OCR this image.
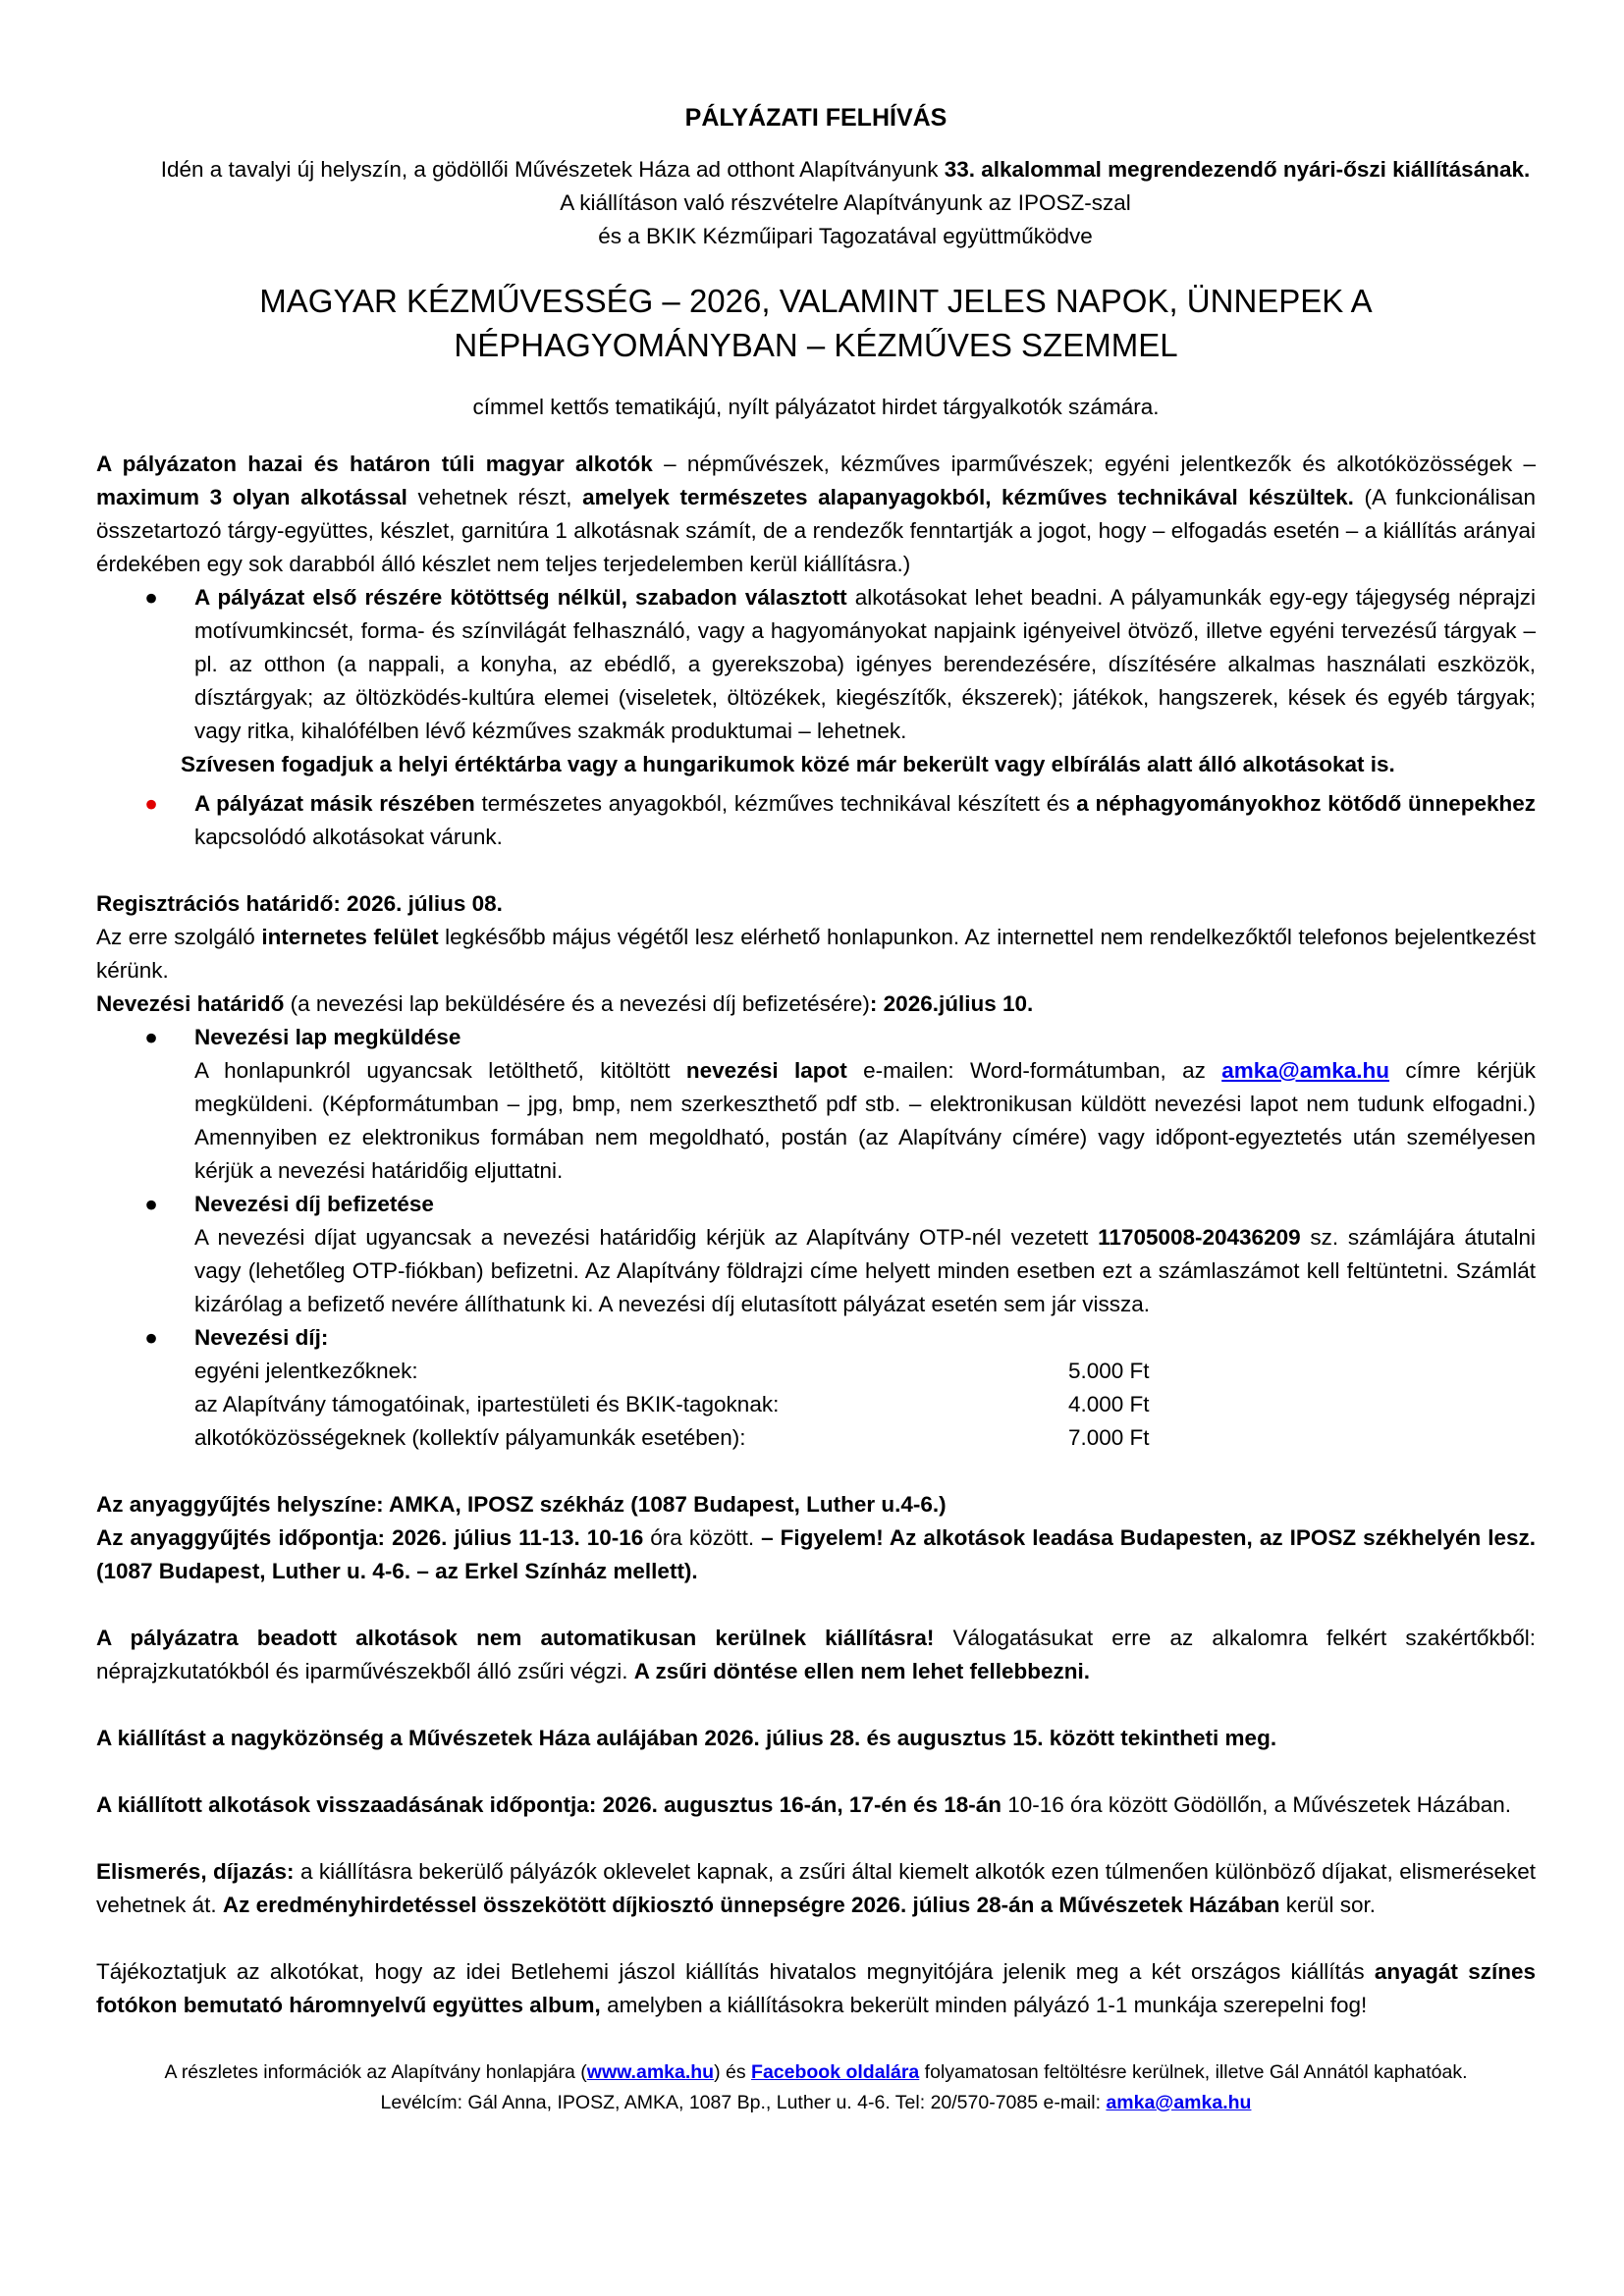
PÁLYÁZATI FELHÍVÁS

Idén a tavalyi új helyszín, a gödöllői Művészetek Háza ad otthont Alapítványunk 33. alkalommal megrendezendő nyári-őszi kiállításának.

A kiállításon való részvételre Alapítványunk az IPOSZ-szal

és a BKIK Kézműipari Tagozatával együttműködve

MAGYAR KÉZMŰVESSÉG – 2026, VALAMINT JELES NAPOK, ÜNNEPEK A

NÉPHAGYOMÁNYBAN – KÉZMŰVES SZEMMEL

címmel kettős tematikájú, nyílt pályázatot hirdet tárgyalkotók számára.

A pályázaton hazai és határon túli magyar alkotók – népművészek, kézműves iparművészek; egyéni jelentkezők és alkotóközösségek – maximum 3 olyan alkotással vehetnek részt, amelyek természetes alapanyagokból, kézműves technikával készültek. (A funkcionálisan összetartozó tárgy-együttes, készlet, garnitúra 1 alkotásnak számít, de a rendezők fenntartják a jogot, hogy – elfogadás esetén – a kiállítás arányai érdekében egy sok darabból álló készlet nem teljes terjedelemben kerül kiállításra.)

● A pályázat első részére kötöttség nélkül, szabadon választott alkotásokat lehet beadni. A pályamunkák egy-egy tájegység néprajzi motívumkincsét, forma- és színvilágát felhasználó, vagy a hagyományokat napjaink igényeivel ötvöző, illetve egyéni tervezésű tárgyak – pl. az otthon (a nappali, a konyha, az ebédlő, a gyerekszoba) igényes berendezésére, díszítésére alkalmas használati eszközök, dísztárgyak; az öltözködés-kultúra elemei (viseletek, öltözékek, kiegészítők, ékszerek); játékok, hangszerek, kések és egyéb tárgyak; vagy ritka, kihalófélben lévő kézműves szakmák produktumai – lehetnek.

Szívesen fogadjuk a helyi értéktárba vagy a hungarikumok közé már bekerült vagy elbírálás alatt álló alkotásokat is.

● A pályázat másik részében természetes anyagokból, kézműves technikával készített és a néphagyományokhoz kötődő ünnepekhez kapcsolódó alkotásokat várunk.

Regisztrációs határidő: 2026. július 08.

Az erre szolgáló internetes felület legkésőbb május végétől lesz elérhető honlapunkon. Az internettel nem rendelkezőktől telefonos bejelentkezést kérünk.

Nevezési határidő (a nevezési lap beküldésére és a nevezési díj befizetésére): 2026.július 10.

● Nevezési lap megküldése
A honlapunkról ugyancsak letölthető, kitöltött nevezési lapot e-mailen: Word-formátumban, az amka@amka.hu címre kérjük megküldeni. (Képformátumban – jpg, bmp, nem szerkeszthető pdf stb. – elektronikusan küldött nevezési lapot nem tudunk elfogadni.) Amennyiben ez elektronikus formában nem megoldható, postán (az Alapítvány címére) vagy időpont-egyeztetés után személyesen kérjük a nevezési határidőig eljuttatni.
● Nevezési díj befizetése
A nevezési díjat ugyancsak a nevezési határidőig kérjük az Alapítvány OTP-nél vezetett 11705008-20436209 sz. számlájára átutalni vagy (lehetőleg OTP-fiókban) befizetni. Az Alapítvány földrajzi címe helyett minden esetben ezt a számlaszámot kell feltüntetni. Számlát kizárólag a befizető nevére állíthatunk ki. A nevezési díj elutasított pályázat esetén sem jár vissza.
● Nevezési díj:
egyéni jelentkezőknek:	5.000 Ft
az Alapítvány támogatóinak, ipartestületi és BKIK-tagoknak:	4.000 Ft
alkotóközösségeknek (kollektív pályamunkák esetében):	7.000 Ft

Az anyaggyűjtés helyszíne: AMKA, IPOSZ székház (1087 Budapest, Luther u.4-6.)

Az anyaggyűjtés időpontja: 2026. július 11-13. 10-16 óra között. – Figyelem! Az alkotások leadása Budapesten, az IPOSZ székhelyén lesz. (1087 Budapest, Luther u. 4-6. – az Erkel Színház mellett).

A pályázatra beadott alkotások nem automatikusan kerülnek kiállításra! Válogatásukat erre az alkalomra felkért szakértőkből: néprajzkutatókból és iparművészekből álló zsűri végzi. A zsűri döntése ellen nem lehet fellebbezni.

A kiállítást a nagyközönség a Művészetek Háza aulájában 2026. július 28. és augusztus 15. között tekintheti meg.

A kiállított alkotások visszaadásának időpontja: 2026. augusztus 16-án, 17-én és 18-án 10-16 óra között Gödöllőn, a Művészetek Házában.

Elismerés, díjazás: a kiállításra bekerülő pályázók oklevelet kapnak, a zsűri által kiemelt alkotók ezen túlmenően különböző díjakat, elismeréseket vehetnek át. Az eredményhirdetéssel összekötött díjkiosztó ünnepségre 2026. július 28-án a Művészetek Házában kerül sor.

Tájékoztatjuk az alkotókat, hogy az idei Betlehemi jászol kiállítás hivatalos megnyitójára jelenik meg a két országos kiállítás anyagát színes fotókon bemutató háromnyelvű együttes album, amelyben a kiállításokra bekerült minden pályázó 1-1 munkája szerepelni fog!

A részletes információk az Alapítvány honlapjára (www.amka.hu) és Facebook oldalára folyamatosan feltöltésre kerülnek, illetve Gál Annától kaphatóak.
Levélcím: Gál Anna, IPOSZ, AMKA, 1087 Bp., Luther u. 4-6. Tel: 20/570-7085 e-mail: amka@amka.hu
